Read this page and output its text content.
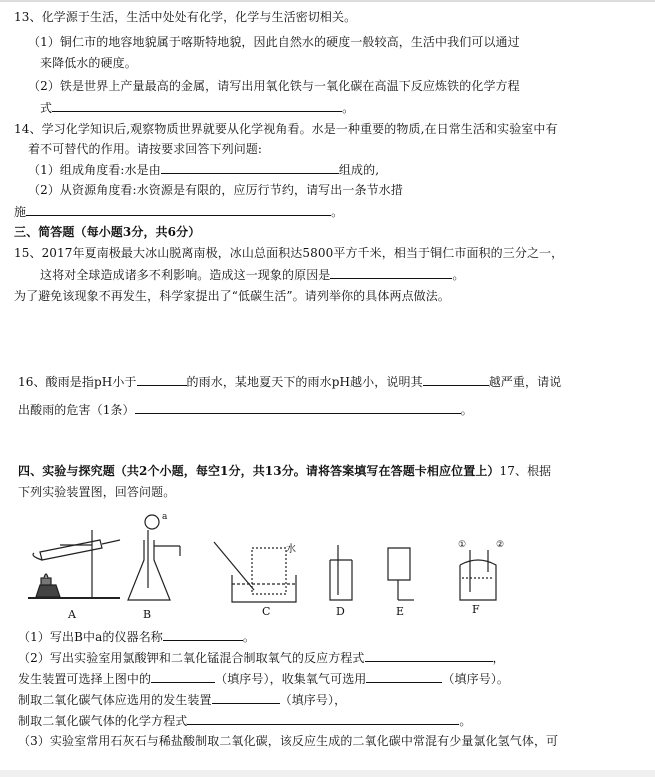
13、化学源于生活，生活中处处有化学，化学与生活密切相关。
（1）铜仁市的地容地貌属于喀斯特地貌，因此自然水的硬度一般较高，生活中我们可以通过
来降低水的硬度。
（2）铁是世界上产量最高的金属，请写出用氧化铁与一氧化碳在高温下反应炼铁的化学方程
式	。
14、学习化学知识后,观察物质世界就要从化学视角看。水是一种重要的物质,在日常生活和实验室中有
着不可替代的作用。请按要求回答下列问题:
（1）组成角度看:水是由	组成的,
（2）从资源角度看:水资源是有限的，应厉行节约，请写出一条节水措
施	。
三、简答题（每小题3分，共6分）
15、2017年夏南极最大冰山脱离南极，冰山总面积达5800平方千米，相当于铜仁市面积的三分之一，
这将对全球造成诸多不利影响。造成这一现象的原因是	。
为了避免该现象不再发生，科学家提出了“低碳生活”。请列举你的具体两点做法。
16、酸雨是指pH小于	的雨水，某地夏天下的雨水pH越小，说明其	越严重，请说
出酸雨的危害（1条）	。
四、实验与探究题（共2个小题，每空1分，共13分。请将答案填写在答题卡相应位置上）17、根据
下列实验装置图，回答问题。
A	B	C	D	E	F
水
a
①	②
（1）写出B中a的仪器名称	。
（2）写出实验室用氯酸钾和二氧化锰混合制取氧气的反应方程式	，
发生装置可选择上图中的	（填序号），收集氧气可选用	（填序号）。
制取二氧化碳气体应选用的发生装置	（填序号），
制取二氧化碳气体的化学方程式	。
（3）实验室常用石灰石与稀盐酸制取二氧化碳，该反应生成的二氧化碳中常混有少量氯化氢气体，可
